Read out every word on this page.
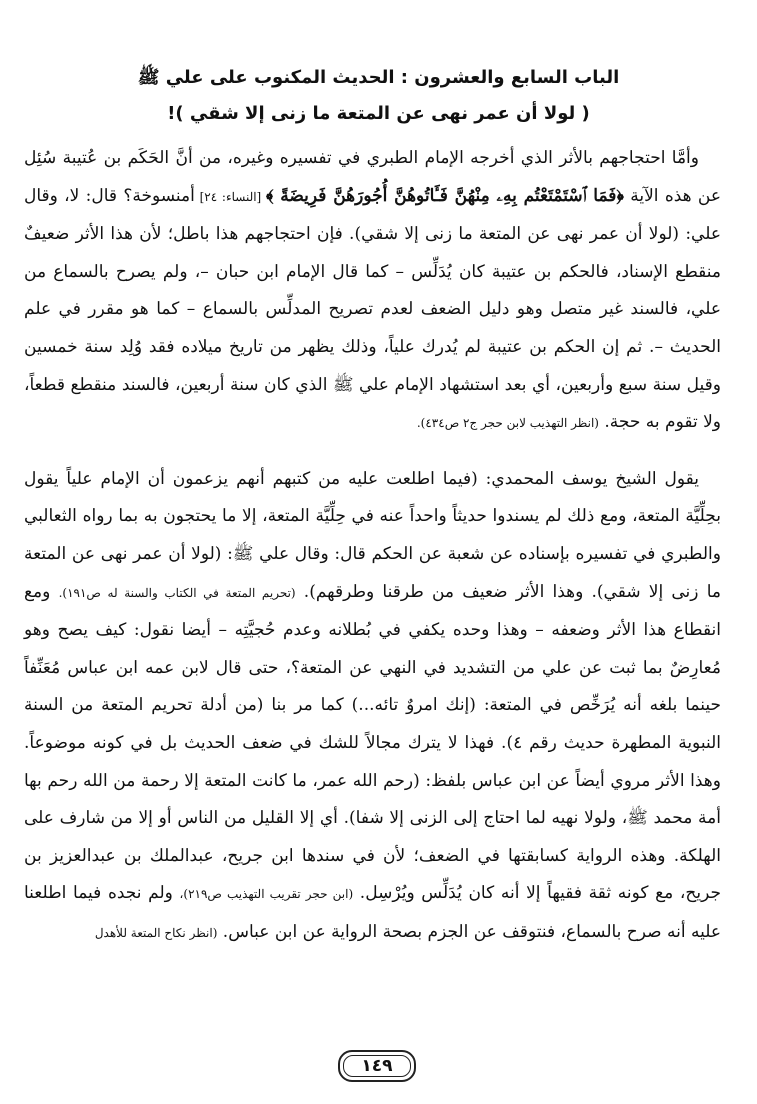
الباب السابع والعشرون : الحديث المكنوب على علي ﷺ
( لولا أن عمر نهى عن المتعة ما زنى إلا شقي )!

وأمَّا احتجاجهم بالأثر الذي أخرجه الإمام الطبري في تفسيره وغيره، من أنَّ الحَكَم بن عُتيبة سُئِل عن هذه الآية ﴿فَمَا ٱسْتَمْتَعْتُم بِهِۦ مِنْهُنَّ فَـَٔاتُوهُنَّ أُجُورَهُنَّ فَرِيضَةً ﴾ [النساء: ٢٤] أمنسوخة؟ قال: لا، وقال علي: (لولا أن عمر نهى عن المتعة ما زنى إلا شقي). فإن احتجاجهم هذا باطل؛ لأن هذا الأثر ضعيفٌ منقطع الإسناد، فالحكم بن عتيبة كان يُدَلِّس – كما قال الإمام ابن حبان –، ولم يصرح بالسماع من علي، فالسند غير متصل وهو دليل الضعف لعدم تصريح المدلِّس بالسماع – كما هو مقرر في علم الحديث –. ثم إن الحكم بن عتيبة لم يُدرك علياً، وذلك يظهر من تاريخ ميلاده فقد وُلِد سنة خمسين وقيل سنة سبع وأربعين، أي بعد استشهاد الإمام علي ﷺ الذي كان سنة أربعين، فالسند منقطع قطعاً، ولا تقوم به حجة. (انظر التهذيب لابن حجر ج٢ ص٤٣٤).

يقول الشيخ يوسف المحمدي: (فيما اطلعت عليه من كتبهم أنهم يزعمون أن الإمام علياً يقول بحِلِّيَّة المتعة، ومع ذلك لم يسندوا حديثاً واحداً عنه في حِلِّيَّة المتعة، إلا ما يحتجون به بما رواه الثعالبي والطبري في تفسيره بإسناده عن شعبة عن الحكم قال: وقال علي ﷺ: (لولا أن عمر نهى عن المتعة ما زنى إلا شقي). وهذا الأثر ضعيف من طرقنا وطرقهم). (تحريم المتعة في الكتاب والسنة له ص١٩١). ومع انقطاع هذا الأثر وضعفه – وهذا وحده يكفي في بُطلانه وعدم حُجيَّتِه – أيضا نقول: كيف يصح وهو مُعارِضٌ بما ثبت عن علي من التشديد في النهي عن المتعة؟، حتى قال لابن عمه ابن عباس مُعَنِّفاً حينما بلغه أنه يُرَخِّص في المتعة: (إنك امروٌ تائه...) كما مر بنا (من أدلة تحريم المتعة من السنة النبوية المطهرة حديث رقم ٤). فهذا لا يترك مجالاً للشك في ضعف الحديث بل في كونه موضوعاً. وهذا الأثر مروي أيضاً عن ابن عباس بلفظ: (رحم الله عمر، ما كانت المتعة إلا رحمة من الله رحم بها أمة محمد ﷺ، ولولا نهيه لما احتاج إلى الزنى إلا شفا). أي إلا القليل من الناس أو إلا من شارف على الهلكة. وهذه الرواية كسابقتها في الضعف؛ لأن في سندها ابن جريح، عبدالملك بن عبدالعزيز بن جريح، مع كونه ثقة فقيهاً إلا أنه كان يُدَلِّس ويُرْسِل. (ابن حجر تقريب التهذيب ص٢١٩)، ولم نجده فيما اطلعنا عليه أنه صرح بالسماع، فنتوقف عن الجزم بصحة الرواية عن ابن عباس. (انظر نكاح المتعة للأهدل

١٤٩
